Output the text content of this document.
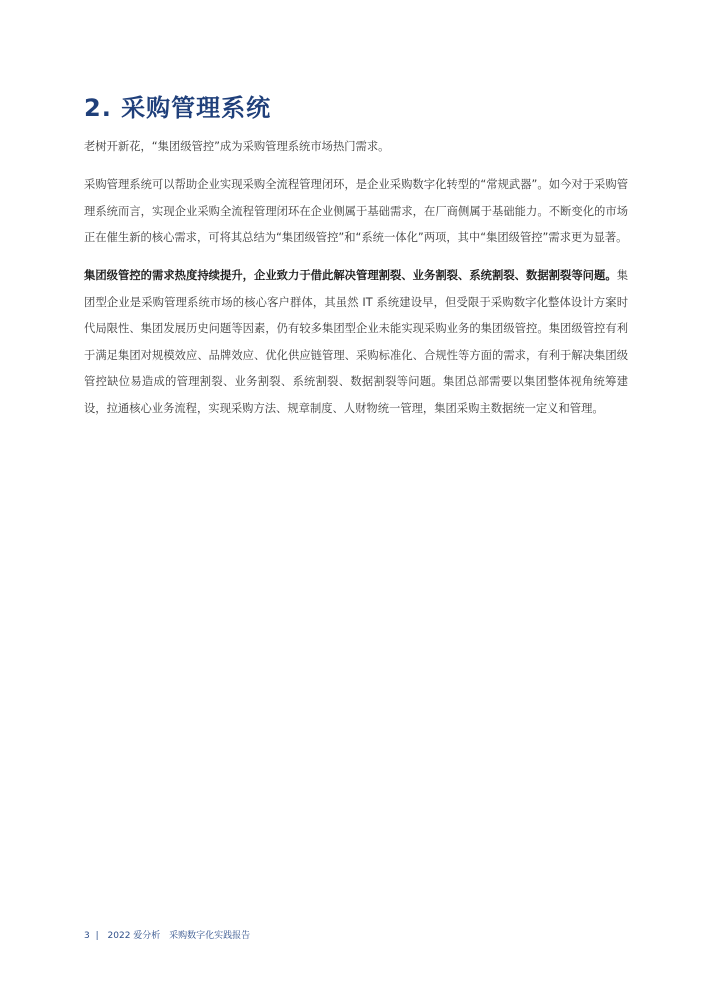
2. 采购管理系统

老树开新花，“集团级管控”成为采购管理系统市场热门需求。

采购管理系统可以帮助企业实现采购全流程管理闭环，是企业采购数字化转型的“常规武器”。如今对于采购管理系统而言，实现企业采购全流程管理闭环在企业侧属于基础需求，在厂商侧属于基础能力。不断变化的市场正在催生新的核心需求，可将其总结为“集团级管控”和“系统一体化”两项，其中“集团级管控”需求更为显著。

集团级管控的需求热度持续提升，企业致力于借此解决管理割裂、业务割裂、系统割裂、数据割裂等问题。集团型企业是采购管理系统市场的核心客户群体，其虽然 IT 系统建设早，但受限于采购数字化整体设计方案时代局限性、集团发展历史问题等因素，仍有较多集团型企业未能实现采购业务的集团级管控。集团级管控有利于满足集团对规模效应、品牌效应、优化供应链管理、采购标准化、合规性等方面的需求，有利于解决集团级管控缺位易造成的管理割裂、业务割裂、系统割裂、数据割裂等问题。集团总部需要以集团整体视角统筹建设，拉通核心业务流程，实现采购方法、规章制度、人财物统一管理，集团采购主数据统一定义和管理。

3 | 2022 爱分析 采购数字化实践报告
